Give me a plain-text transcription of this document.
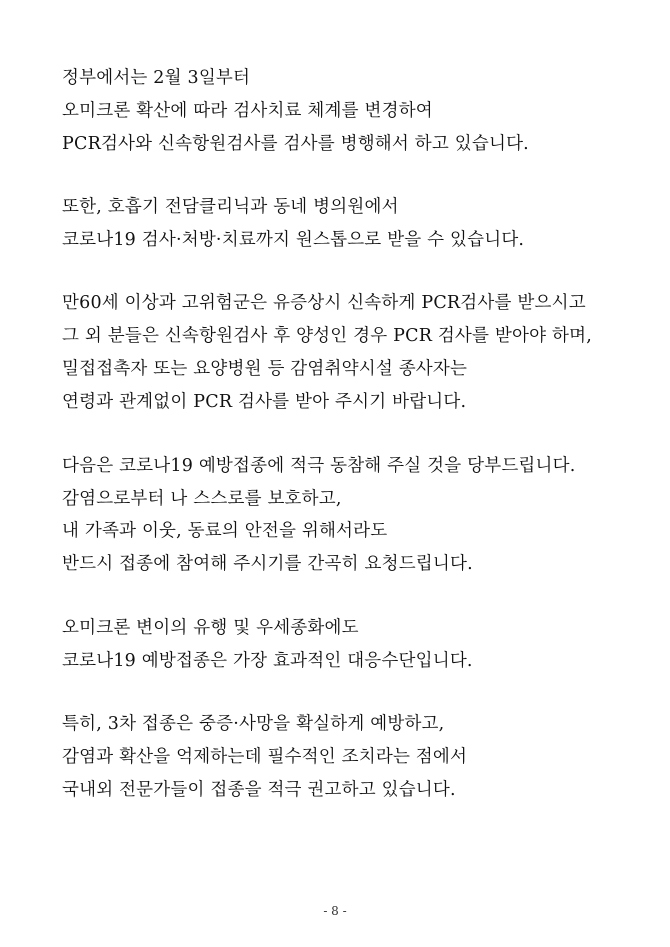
정부에서는 2월 3일부터
오미크론 확산에 따라 검사치료 체계를 변경하여
PCR검사와 신속항원검사를 검사를 병행해서 하고 있습니다.
또한, 호흡기 전담클리닉과 동네 병의원에서
코로나19 검사·처방·치료까지 원스톱으로 받을 수 있습니다.
만60세 이상과 고위험군은 유증상시 신속하게 PCR검사를 받으시고
그 외 분들은 신속항원검사 후 양성인 경우 PCR 검사를 받아야 하며,
밀접접촉자 또는 요양병원 등 감염취약시설 종사자는
연령과 관계없이 PCR 검사를 받아 주시기 바랍니다.
다음은 코로나19 예방접종에 적극 동참해 주실 것을 당부드립니다.
감염으로부터 나 스스로를 보호하고,
내 가족과 이웃, 동료의 안전을 위해서라도
반드시 접종에 참여해 주시기를 간곡히 요청드립니다.
오미크론 변이의 유행 및 우세종화에도
코로나19 예방접종은 가장 효과적인 대응수단입니다.
특히, 3차 접종은 중증·사망을 확실하게 예방하고,
감염과 확산을 억제하는데 필수적인 조치라는 점에서
국내외 전문가들이 접종을 적극 권고하고 있습니다.
- 8 -
